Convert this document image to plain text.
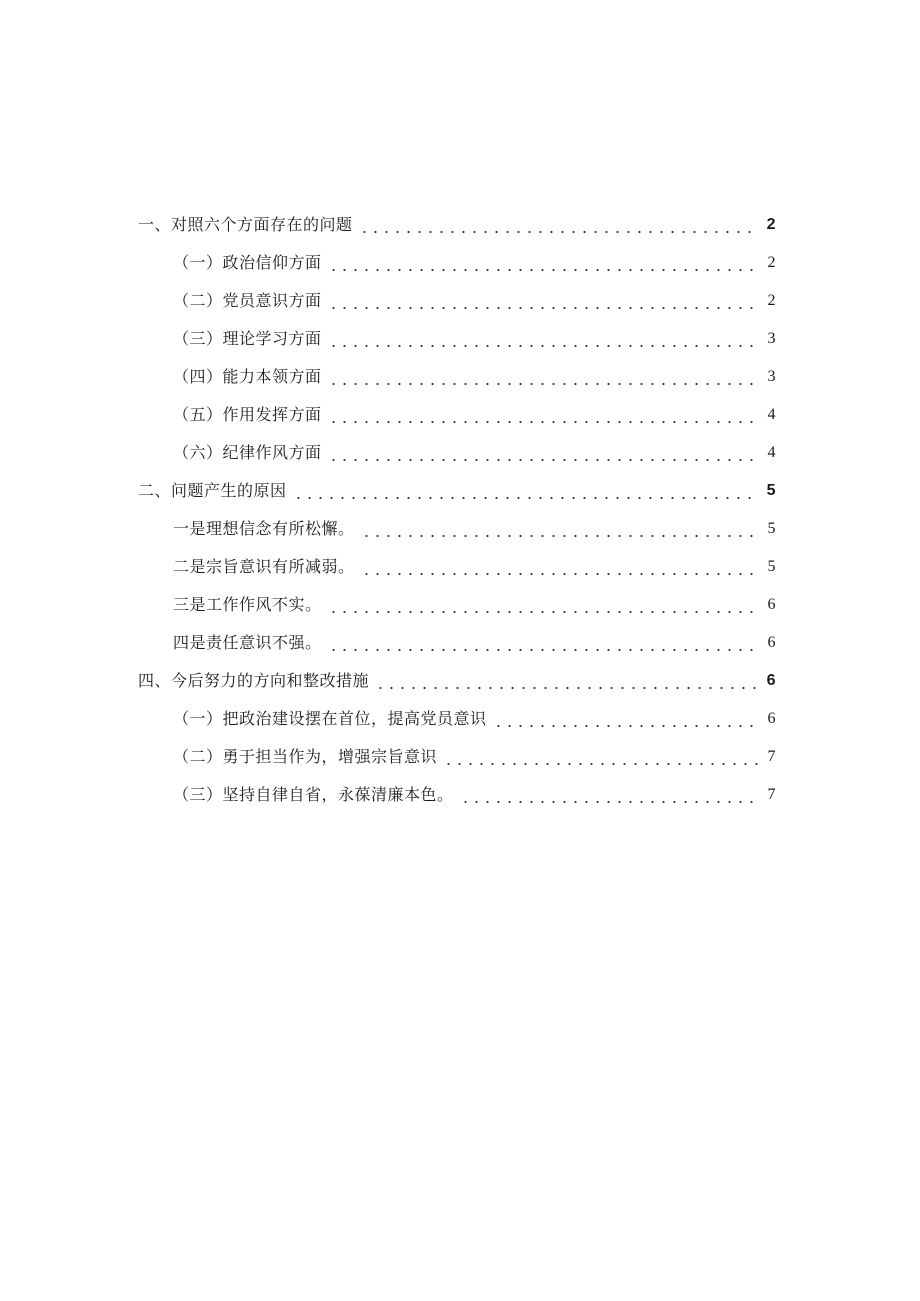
一、对照六个方面存在的问题	2
（一）政治信仰方面	2
（二）党员意识方面	2
（三）理论学习方面	3
（四）能力本领方面	3
（五）作用发挥方面	4
（六）纪律作风方面	4
二、问题产生的原因	5
一是理想信念有所松懈。	5
二是宗旨意识有所减弱。	5
三是工作作风不实。	6
四是责任意识不强。	6
四、今后努力的方向和整改措施	6
（一）把政治建设摆在首位，提高党员意识	6
（二）勇于担当作为，增强宗旨意识	7
（三）坚持自律自省，永葆清廉本色。	7
